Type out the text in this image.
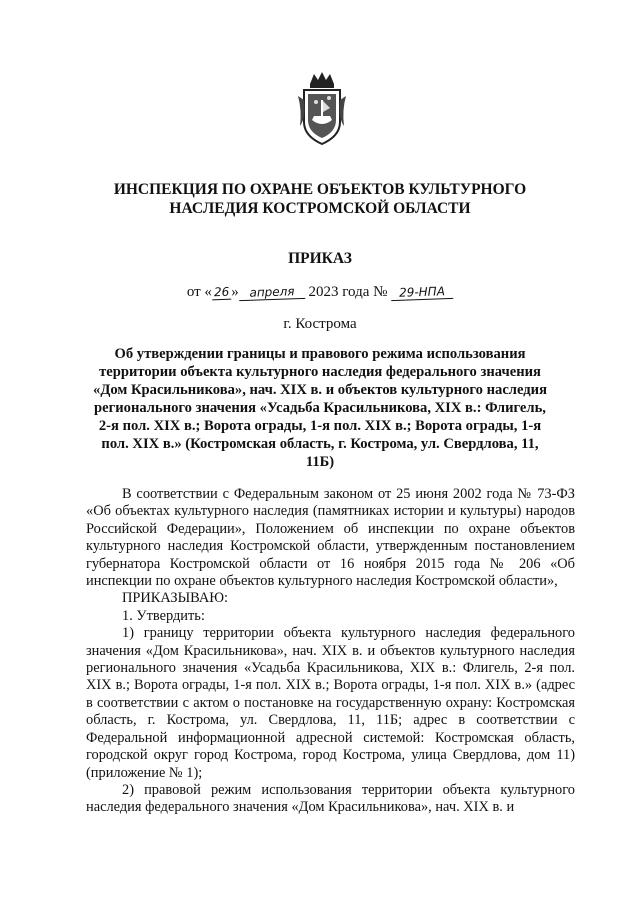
ИНСПЕКЦИЯ ПО ОХРАНЕ ОБЪЕКТОВ КУЛЬТУРНОГО
НАСЛЕДИЯ КОСТРОМСКОЙ ОБЛАСТИ
ПРИКАЗ
от « 26 » апреля 2023 года № 29-НПА
г. Кострома
Об утверждении границы и правового режима использования территории объекта культурного наследия федерального значения «Дом Красильникова», нач. XIX в. и объектов культурного наследия регионального значения «Усадьба Красильникова, XIX в.: Флигель, 2-я пол. XIX в.; Ворота ограды, 1-я пол. XIX в.; Ворота ограды, 1-я пол. XIX в.» (Костромская область, г. Кострома, ул. Свердлова, 11, 11Б)

В соответствии с Федеральным законом от 25 июня 2002 года № 73-ФЗ «Об объектах культурного наследия (памятниках истории и культуры) народов Российской Федерации», Положением об инспекции по охране объектов культурного наследия Костромской области, утвержденным постановлением губернатора Костромской области от 16 ноября 2015 года № 206 «Об инспекции по охране объектов культурного наследия Костромской области»,

ПРИКАЗЫВАЮ:

1. Утвердить:

1) границу территории объекта культурного наследия федерального значения «Дом Красильникова», нач. XIX в. и объектов культурного наследия регионального значения «Усадьба Красильникова, XIX в.: Флигель, 2-я пол. XIX в.; Ворота ограды, 1-я пол. XIX в.; Ворота ограды, 1-я пол. XIX в.» (адрес в соответствии с актом о постановке на государственную охрану: Костромская область, г. Кострома, ул. Свердлова, 11, 11Б; адрес в соответствии с Федеральной информационной адресной системой: Костромская область, городской округ город Кострома, город Кострома, улица Свердлова, дом 11) (приложение № 1);

2) правовой режим использования территории объекта культурного наследия федерального значения «Дом Красильникова», нач. XIX в. и
